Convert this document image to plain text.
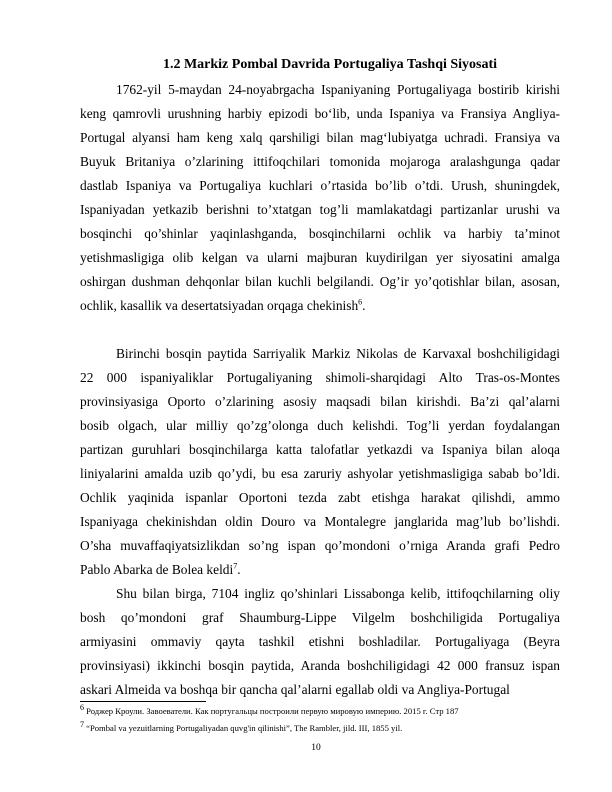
1.2 Markiz Pombal Davrida Portugaliya Tashqi Siyosati
1762-yil 5-maydan 24-noyabrgacha Ispaniyaning Portugaliyaga bostirib kirishi
keng qamrovli urushning harbiy epizodi bo‘lib, unda Ispaniya va Fransiya Angliya-
Portugal alyansi ham keng xalq qarshiligi bilan mag‘lubiyatga uchradi. Fransiya va
Buyuk Britaniya o’zlarining ittifoqchilari tomonida mojaroga aralashgunga qadar
dastlab Ispaniya va Portugaliya kuchlari o’rtasida bo’lib o’tdi. Urush, shuningdek,
Ispaniyadan yetkazib berishni to’xtatgan tog’li mamlakatdagi partizanlar urushi va
bosqinchi qo’shinlar yaqinlashganda, bosqinchilarni ochlik va harbiy ta’minot
yetishmasligiga olib kelgan va ularni majburan kuydirilgan yer siyosatini amalga
oshirgan dushman dehqonlar bilan kuchli belgilandi. Og’ir yo’qotishlar bilan, asosan,
ochlik, kasallik va desertatsiyadan orqaga chekinish$^6$.
Birinchi bosqin paytida Sarriyalik Markiz Nikolas de Karvaxal boshchiligidagi
22 000 ispaniyaliklar Portugaliyaning shimoli-sharqidagi Alto Tras-os-Montes
provinsiyasiga Oporto o’zlarining asosiy maqsadi bilan kirishdi. Ba’zi qal’alarni
bosib olgach, ular milliy qo’zg’olonga duch kelishdi. Tog’li yerdan foydalangan
partizan guruhlari bosqinchilarga katta talofatlar yetkazdi va Ispaniya bilan aloqa
liniyalarini amalda uzib qo’ydi, bu esa zaruriy ashyolar yetishmasligiga sabab bo’ldi.
Ochlik yaqinida ispanlar Oportoni tezda zabt etishga harakat qilishdi, ammo
Ispaniyaga chekinishdan oldin Douro va Montalegre janglarida mag’lub bo’lishdi.
O’sha muvaffaqiyatsizlikdan so’ng ispan qo’mondoni o’rniga Aranda grafi Pedro
Pablo Abarka de Bolea keldi$^7$.
Shu bilan birga, 7104 ingliz qo’shinlari Lissabonga kelib, ittifoqchilarning oliy
bosh qo’mondoni graf Shaumburg-Lippe Vilgelm boshchiligida Portugaliya
armiyasini ommaviy qayta tashkil etishni boshladilar. Portugaliyaga (Beyra
provinsiyasi) ikkinchi bosqin paytida, Aranda boshchiligidagi 42 000 fransuz ispan
askari Almeida va boshqa bir qancha qal’alarni egallab oldi va Angliya-Portugal
$^6$ Роджер Кроули. Завоеватели. Как португальцы построили первую мировую империю. 2015 г. Стр 187
$^7$ “Pombal va yezuitlarning Portugaliyadan quvg'in qilinishi”, The Rambler, jild. III, 1855 yil.
10
